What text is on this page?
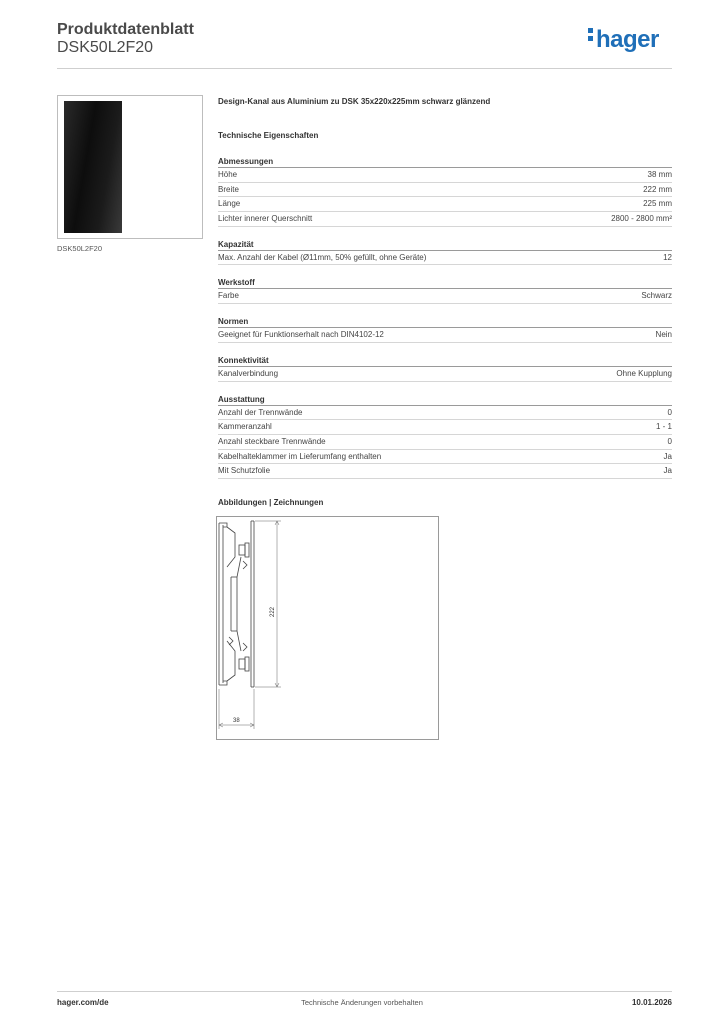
Produktdatenblatt
DSK50L2F20	hager
DSK50L2F20
Design-Kanal aus Aluminium zu DSK 35x220x225mm schwarz glänzend
Technische Eigenschaften
Abmessungen
Höhe	38 mm
Breite	222 mm
Länge	225 mm
Lichter innerer Querschnitt	2800 - 2800 mm²
Kapazität
Max. Anzahl der Kabel (Ø11mm, 50% gefüllt, ohne Geräte)	12
Werkstoff
Farbe	Schwarz
Normen
Geeignet für Funktionserhalt nach DIN4102-12	Nein
Konnektivität
Kanalverbindung	Ohne Kupplung
Ausstattung
Anzahl der Trennwände	0
Kammeranzahl	1 - 1
Anzahl steckbare Trennwände	0
Kabelhalteklammer im Lieferumfang enthalten	Ja
Mit Schutzfolie	Ja
Abbildungen | Zeichnungen
222
38
hager.com/de	Technische Änderungen vorbehalten	10.01.2026
